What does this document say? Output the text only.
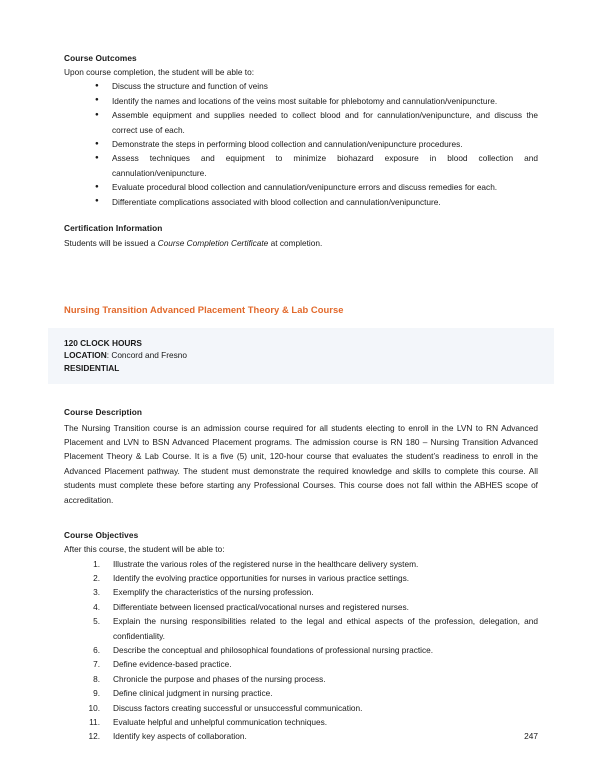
Course Outcomes
Upon course completion, the student will be able to:
● Discuss the structure and function of veins
● Identify the names and locations of the veins most suitable for phlebotomy and cannulation/venipuncture.
● Assemble equipment and supplies needed to collect blood and for cannulation/venipuncture, and discuss the correct use of each.
● Demonstrate the steps in performing blood collection and cannulation/venipuncture procedures.
● Assess techniques and equipment to minimize biohazard exposure in blood collection and cannulation/venipuncture.
● Evaluate procedural blood collection and cannulation/venipuncture errors and discuss remedies for each.
● Differentiate complications associated with blood collection and cannulation/venipuncture.
Certification Information
Students will be issued a Course Completion Certificate at completion.
Nursing Transition Advanced Placement Theory & Lab Course
120 CLOCK HOURS
LOCATION: Concord and Fresno
RESIDENTIAL
Course Description
The Nursing Transition course is an admission course required for all students electing to enroll in the LVN to RN Advanced Placement and LVN to BSN Advanced Placement programs. The admission course is RN 180 – Nursing Transition Advanced Placement Theory & Lab Course. It is a five (5) unit, 120-hour course that evaluates the student’s readiness to enroll in the Advanced Placement pathway. The student must demonstrate the required knowledge and skills to complete this course. All students must complete these before starting any Professional Courses. This course does not fall within the ABHES scope of accreditation.
Course Objectives
After this course, the student will be able to:
Illustrate the various roles of the registered nurse in the healthcare delivery system.
Identify the evolving practice opportunities for nurses in various practice settings.
Exemplify the characteristics of the nursing profession.
Differentiate between licensed practical/vocational nurses and registered nurses.
Explain the nursing responsibilities related to the legal and ethical aspects of the profession, delegation, and confidentiality.
Describe the conceptual and philosophical foundations of professional nursing practice.
Define evidence-based practice.
Chronicle the purpose and phases of the nursing process.
Define clinical judgment in nursing practice.
Discuss factors creating successful or unsuccessful communication.
Evaluate helpful and unhelpful communication techniques.
Identify key aspects of collaboration.	247
